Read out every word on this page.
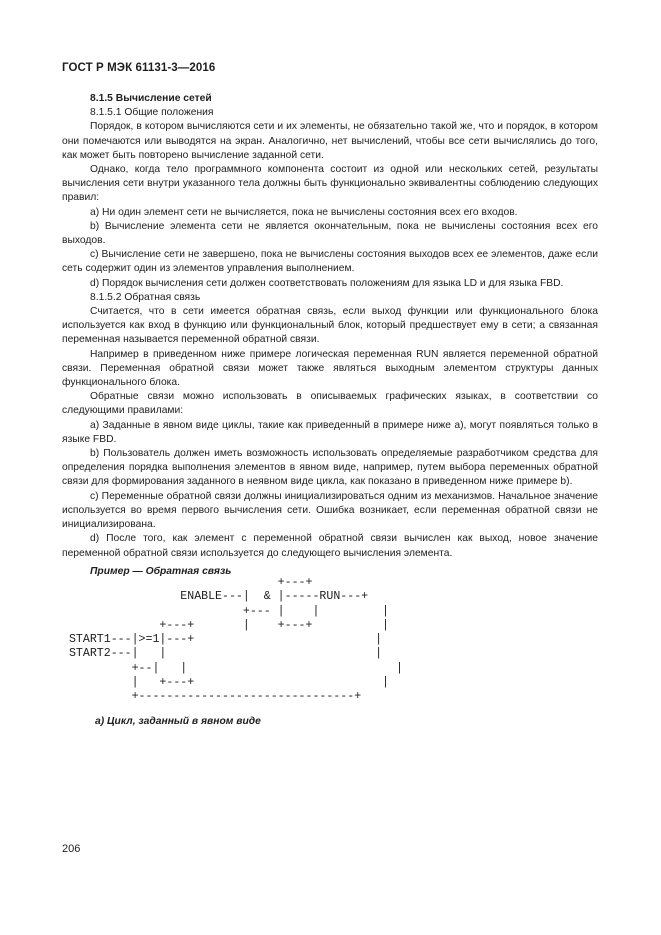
ГОСТ Р МЭК 61131-3—2016

8.1.5 Вычисление сетей

8.1.5.1 Общие положения

Порядок, в котором вычисляются сети и их элементы, не обязательно такой же, что и порядок, в котором они помечаются или выводятся на экран. Аналогично, нет вычислений, чтобы все сети вычислялись до того, как может быть повторено вычисление заданной сети.

Однако, когда тело программного компонента состоит из одной или нескольких сетей, результаты вычисления сети внутри указанного тела должны быть функционально эквивалентны соблюдению следующих правил:

a) Ни один элемент сети не вычисляется, пока не вычислены состояния всех его входов.

b) Вычисление элемента сети не является окончательным, пока не вычислены состояния всех его выходов.

c) Вычисление сети не завершено, пока не вычислены состояния выходов всех ее элементов, даже если сеть содержит один из элементов управления выполнением.

d) Порядок вычисления сети должен соответствовать положениям для языка LD и для языка FBD.

8.1.5.2 Обратная связь

Считается, что в сети имеется обратная связь, если выход функции или функционального блока используется как вход в функцию или функциональный блок, который предшествует ему в сети; а связанная переменная называется переменной обратной связи.

Например в приведенном ниже примере логическая переменная RUN является переменной обратной связи. Переменная обратной связи может также являться выходным элементом структуры данных функционального блока.

Обратные связи можно использовать в описываемых графических языках, в соответствии со следующими правилами:

a) Заданные в явном виде циклы, такие как приведенный в примере ниже a), могут появляться только в языке FBD.

b) Пользователь должен иметь возможность использовать определяемые разработчиком средства для определения порядка выполнения элементов в явном виде, например, путем выбора переменных обратной связи для формирования заданного в неявном виде цикла, как показано в приведенном ниже примере b).

c) Переменные обратной связи должны инициализироваться одним из механизмов. Начальное значение используется во время первого вычисления сети. Ошибка возникает, если переменная обратной связи не инициализирована.

d) После того, как элемент с переменной обратной связи вычислен как выход, новое значение переменной обратной связи используется до следующего вычисления элемента.

Пример — Обратная связь

+---+
ENABLE---|  & |-----RUN---+
+--- |    |         |
+---+       |    +---+          |
START1---|>=1|---+                          |
START2---|   |                              |
+--|   |                              |
|   +---+                           |
+-------------------------------+
а) Цикл, заданный в явном виде
206
